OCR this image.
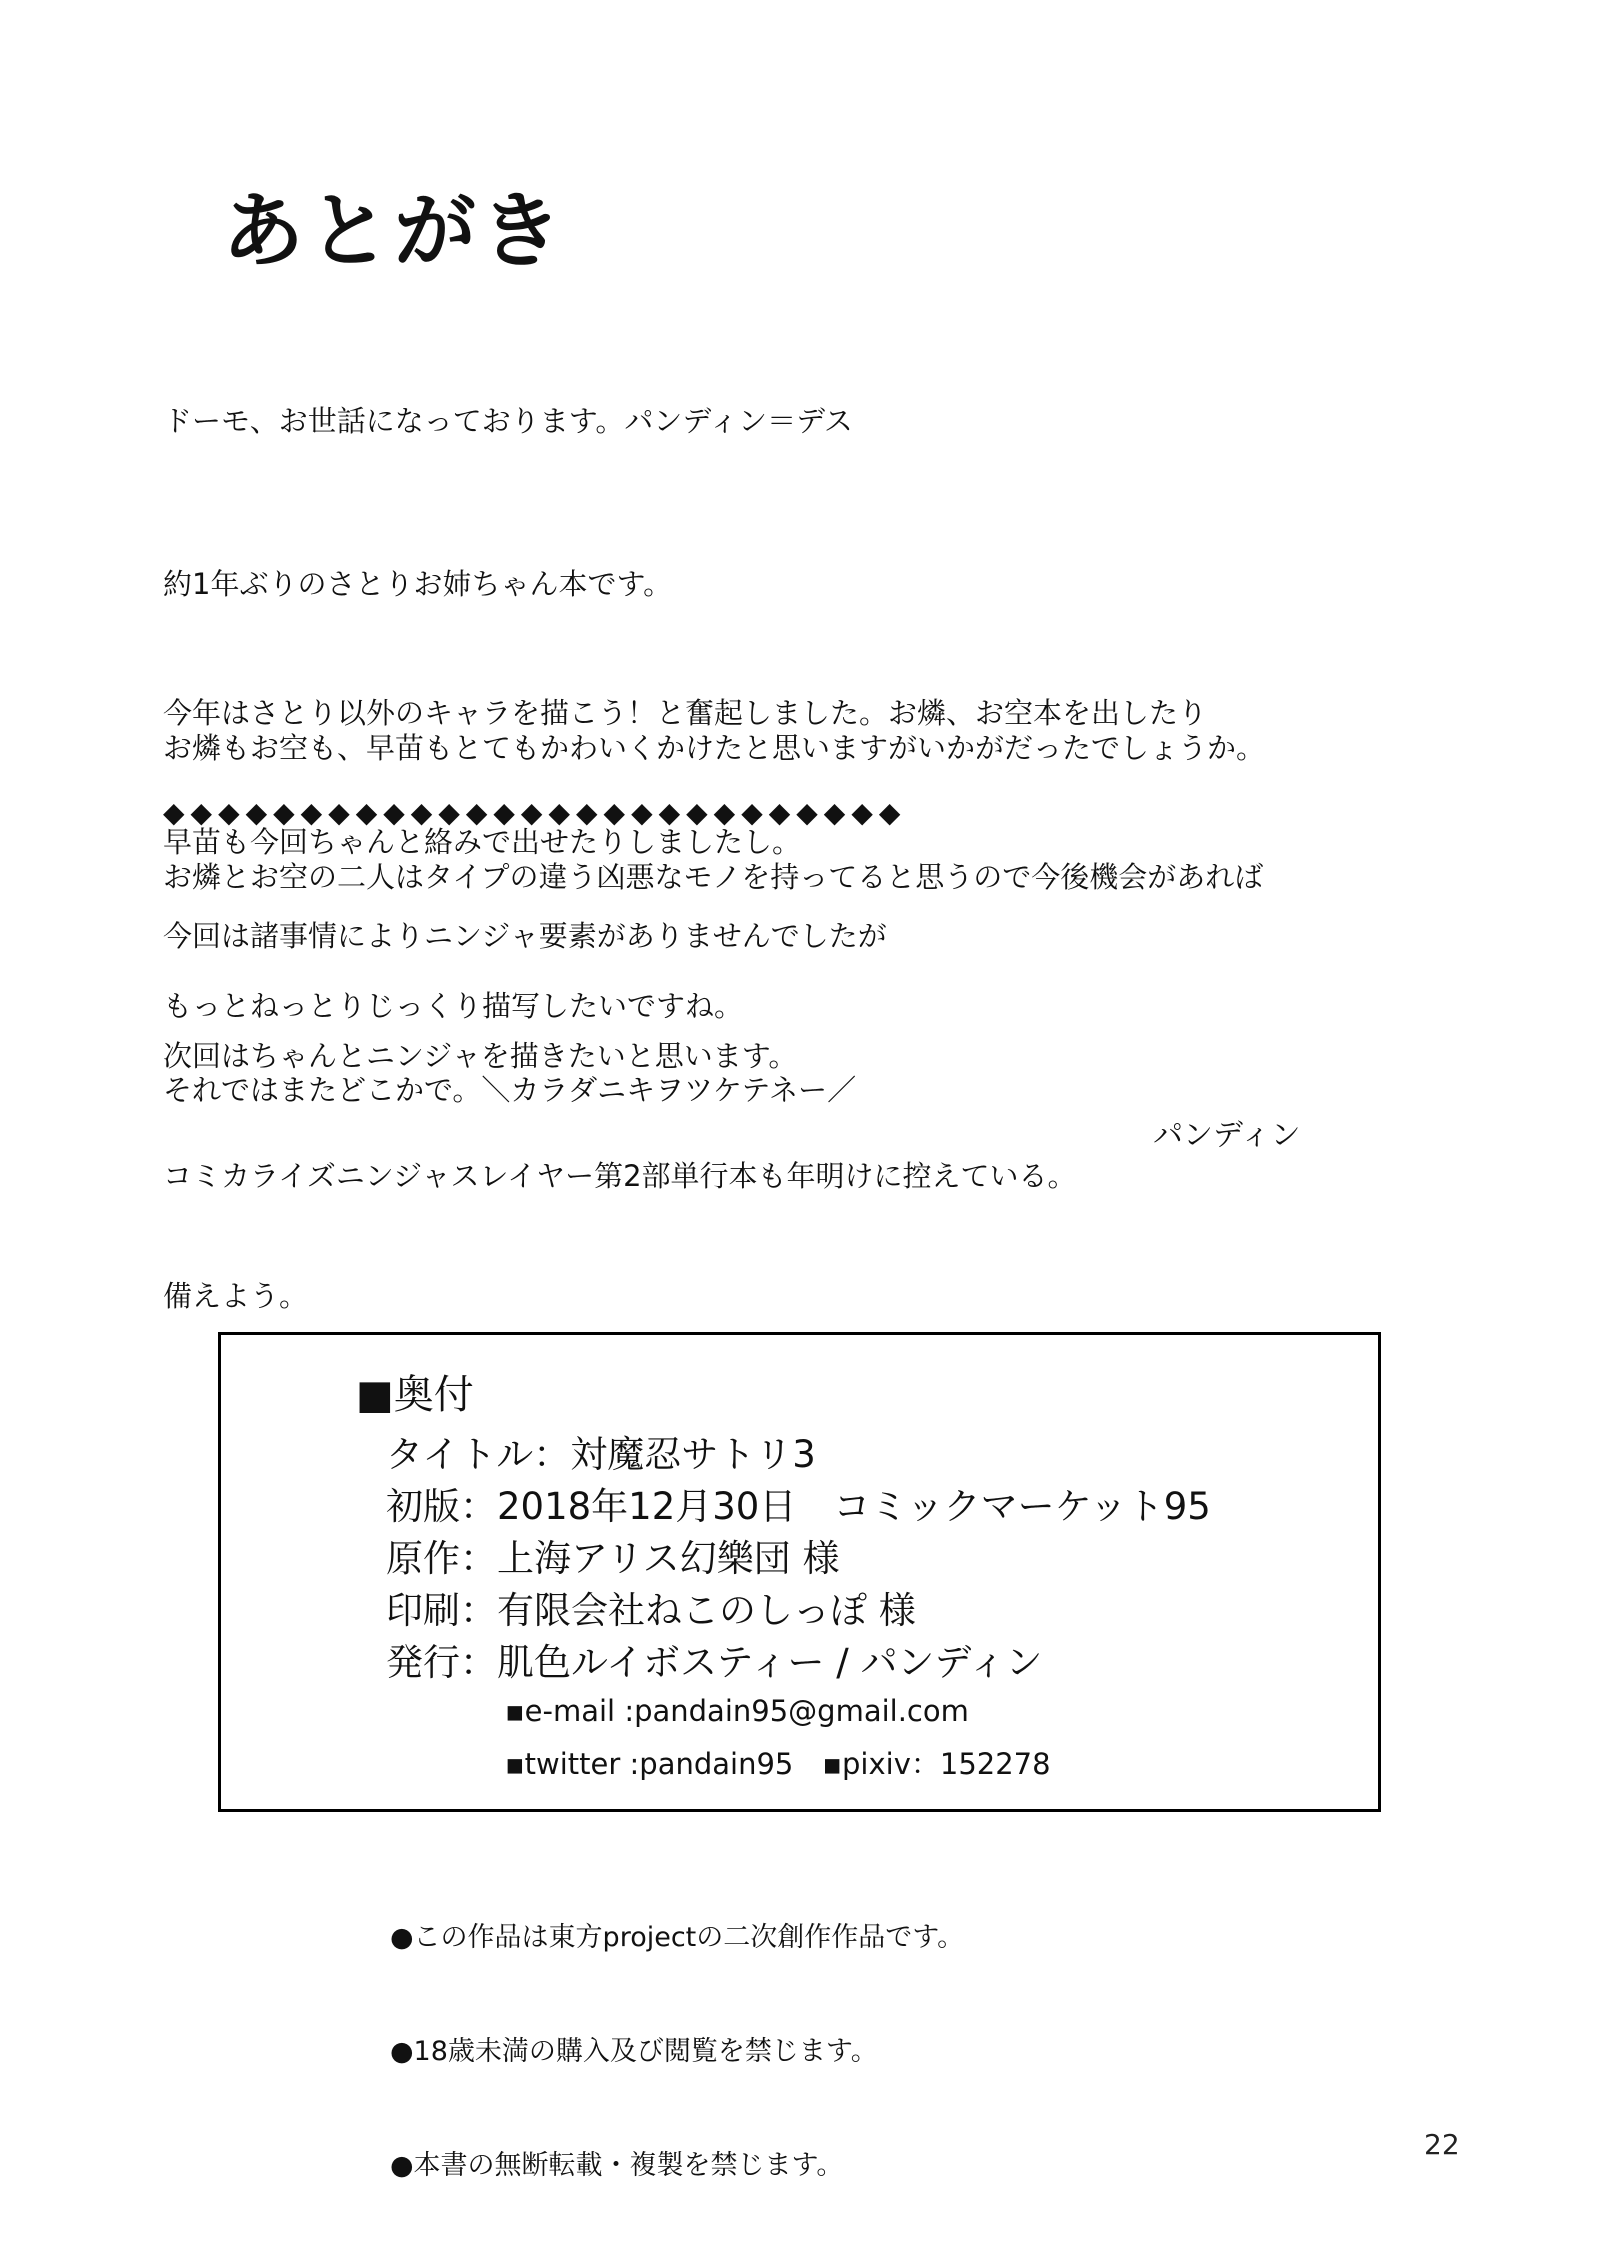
あとがき
ドーモ、お世話になっております。パンディン＝デス

約1年ぶりのさとりお姉ちゃん本です。

今年はさとり以外のキャラを描こう！と奮起しました。お燐、お空本を出したり

早苗も今回ちゃんと絡みで出せたりしましたし。

お燐もお空も、早苗もとてもかわいくかけたと思いますがいかがだったでしょうか。

お燐とお空の二人はタイプの違う凶悪なモノを持ってると思うので今後機会があれば

もっとねっとりじっくり描写したいですね。

◆◆◆◆◆◆◆◆◆◆◆◆◆◆◆◆◆◆◆◆◆◆◆◆◆◆◆

今回は諸事情によりニンジャ要素がありませんでしたが

次回はちゃんとニンジャを描きたいと思います。

コミカライズニンジャスレイヤー第2部単行本も年明けに控えている。

備えよう。

それではまたどこかで。＼カラダニキヲツケテネー／
パンディン
■奥付
タイトル：対魔忍サトリ3
初版：2018年12月30日　コミックマーケット95
原作：上海アリス幻樂団 様
印刷：有限会社ねこのしっぽ 様
発行：肌色ルイボスティー / パンディン
▪e-mail :pandain95@gmail.com
▪twitter :pandain95　▪pixiv：152278

●この作品は東方projectの二次創作作品です。

●18歳未満の購入及び閲覧を禁じます。

●本書の無断転載・複製を禁じます。

22
